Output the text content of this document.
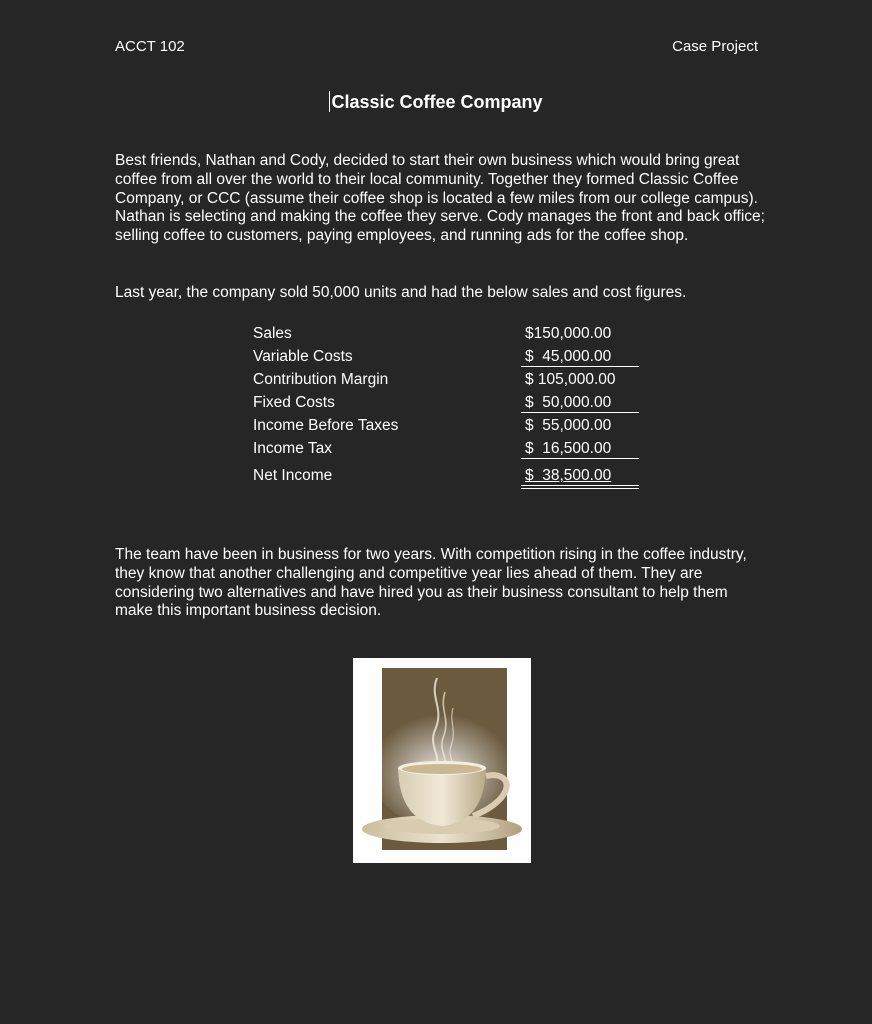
ACCT 102	Case Project
Classic Coffee Company

Best friends, Nathan and Cody, decided to start their own business which would bring great coffee from all over the world to their local community. Together they formed Classic Coffee Company, or CCC (assume their coffee shop is located a few miles from our college campus). Nathan is selecting and making the coffee they serve. Cody manages the front and back office; selling coffee to customers, paying employees, and running ads for the coffee shop.

Last year, the company sold 50,000 units and had the below sales and cost figures.

Sales	$150,000.00
Variable Costs	$  45,000.00
Contribution Margin	$ 105,000.00
Fixed Costs	$  50,000.00
Income Before Taxes	$  55,000.00
Income Tax	$  16,500.00
Net Income	$  38,500.00

The team have been in business for two years. With competition rising in the coffee industry, they know that another challenging and competitive year lies ahead of them. They are considering two alternatives and have hired you as their business consultant to help them make this important business decision.
